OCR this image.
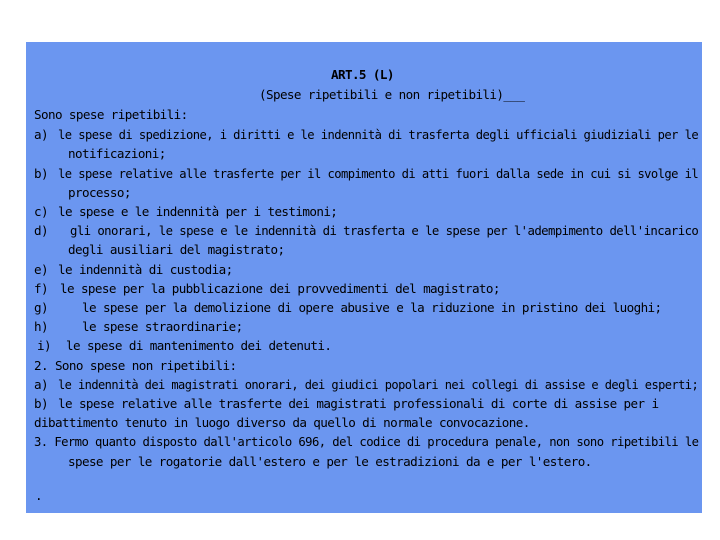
ART.5 (L)
(Spese ripetibili e non ripetibili)___
Sono spese ripetibili:
a) le spese di spedizione, i diritti e le indennità di trasferta degli ufficiali giudiziali per le
notificazioni;
b) le spese relative alle trasferte per il compimento di atti fuori dalla sede in cui si svolge il
processo;
c) le spese e le indennità per i testimoni;
d) gli onorari, le spese e le indennità di trasferta e le spese per l'adempimento dell'incarico
degli ausiliari del magistrato;
e) le indennità di custodia;
f) le spese per la pubblicazione dei provvedimenti del magistrato;
g)	le spese per la demolizione di opere abusive e la riduzione in pristino dei luoghi;
h)	le spese straordinarie;
i) le spese di mantenimento dei detenuti.
2. Sono spese non ripetibili:
a) le indennità dei magistrati onorari, dei giudici popolari nei collegi di assise e degli esperti;
b) le spese relative alle trasferte dei magistrati professionali di corte di assise per i
dibattimento tenuto in luogo diverso da quello di normale convocazione.
3. Fermo quanto disposto dall'articolo 696, del codice di procedura penale, non sono ripetibili le
spese per le rogatorie dall'estero e per le estradizioni da e per l'estero.
.
